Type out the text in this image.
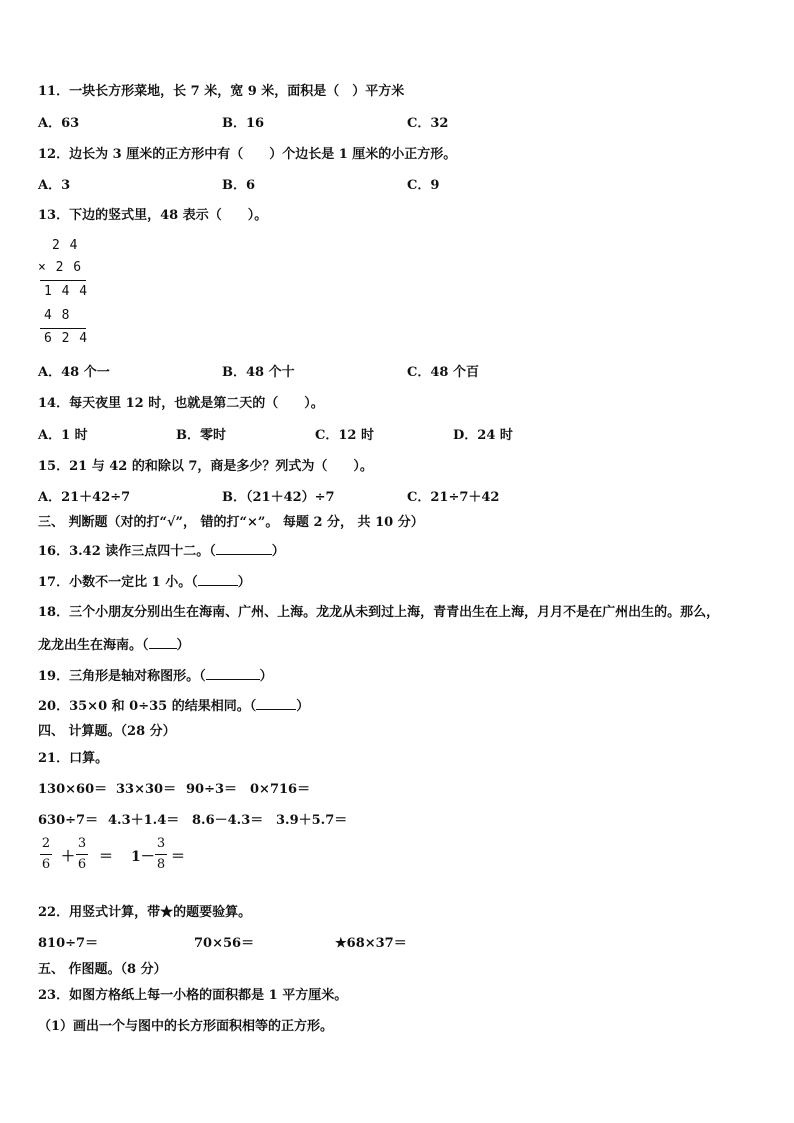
11．一块长方形菜地，长 7 米，宽 9 米，面积是（　）平方米
A．63	B．16	C．32
12．边长为 3 厘米的正方形中有（　　）个边长是 1 厘米的小正方形。
A．3	B．6	C．9
13．下边的竖式里，48 表示（　　）。
2 4
× 2 6
1 4 4
4 8
6 2 4
A．48 个一	B．48 个十	C．48 个百
14．每天夜里 12 时，也就是第二天的（　　）。
A．1 时	B．零时	C．12 时	D．24 时
15．21 与 42 的和除以 7，商是多少？列式为（　　）。
A．21＋42÷7	B．（21＋42）÷7	C．21÷7＋42
三、 判断题（对的打“√”， 错的打“×”。 每题 2 分， 共 10 分）
16．3.42 读作三点四十二。（	）
17．小数不一定比 1 小。（	）
18．三个小朋友分别出生在海南、广州、上海。龙龙从未到过上海，青青出生在上海，月月不是在广州出生的。那么，
龙龙出生在海南。（ ）
19．三角形是轴对称图形。（	）
20．35×0 和 0÷35 的结果相同。（	）
四、 计算题。（28 分）
21．口算。
130×60＝ 33×30＝ 90÷3＝ 0×716＝
630÷7＝ 4.3＋1.4＝ 8.6－4.3＝ 3.9＋5.7＝
2
6 ＋
3
6 ＝ 1－
3
8 ＝
22．用竖式计算，带★的题要验算。
810÷7＝	70×56＝	★68×37＝
五、 作图题。（8 分）
23．如图方格纸上每一小格的面积都是 1 平方厘米。
（1）画出一个与图中的长方形面积相等的正方形。
